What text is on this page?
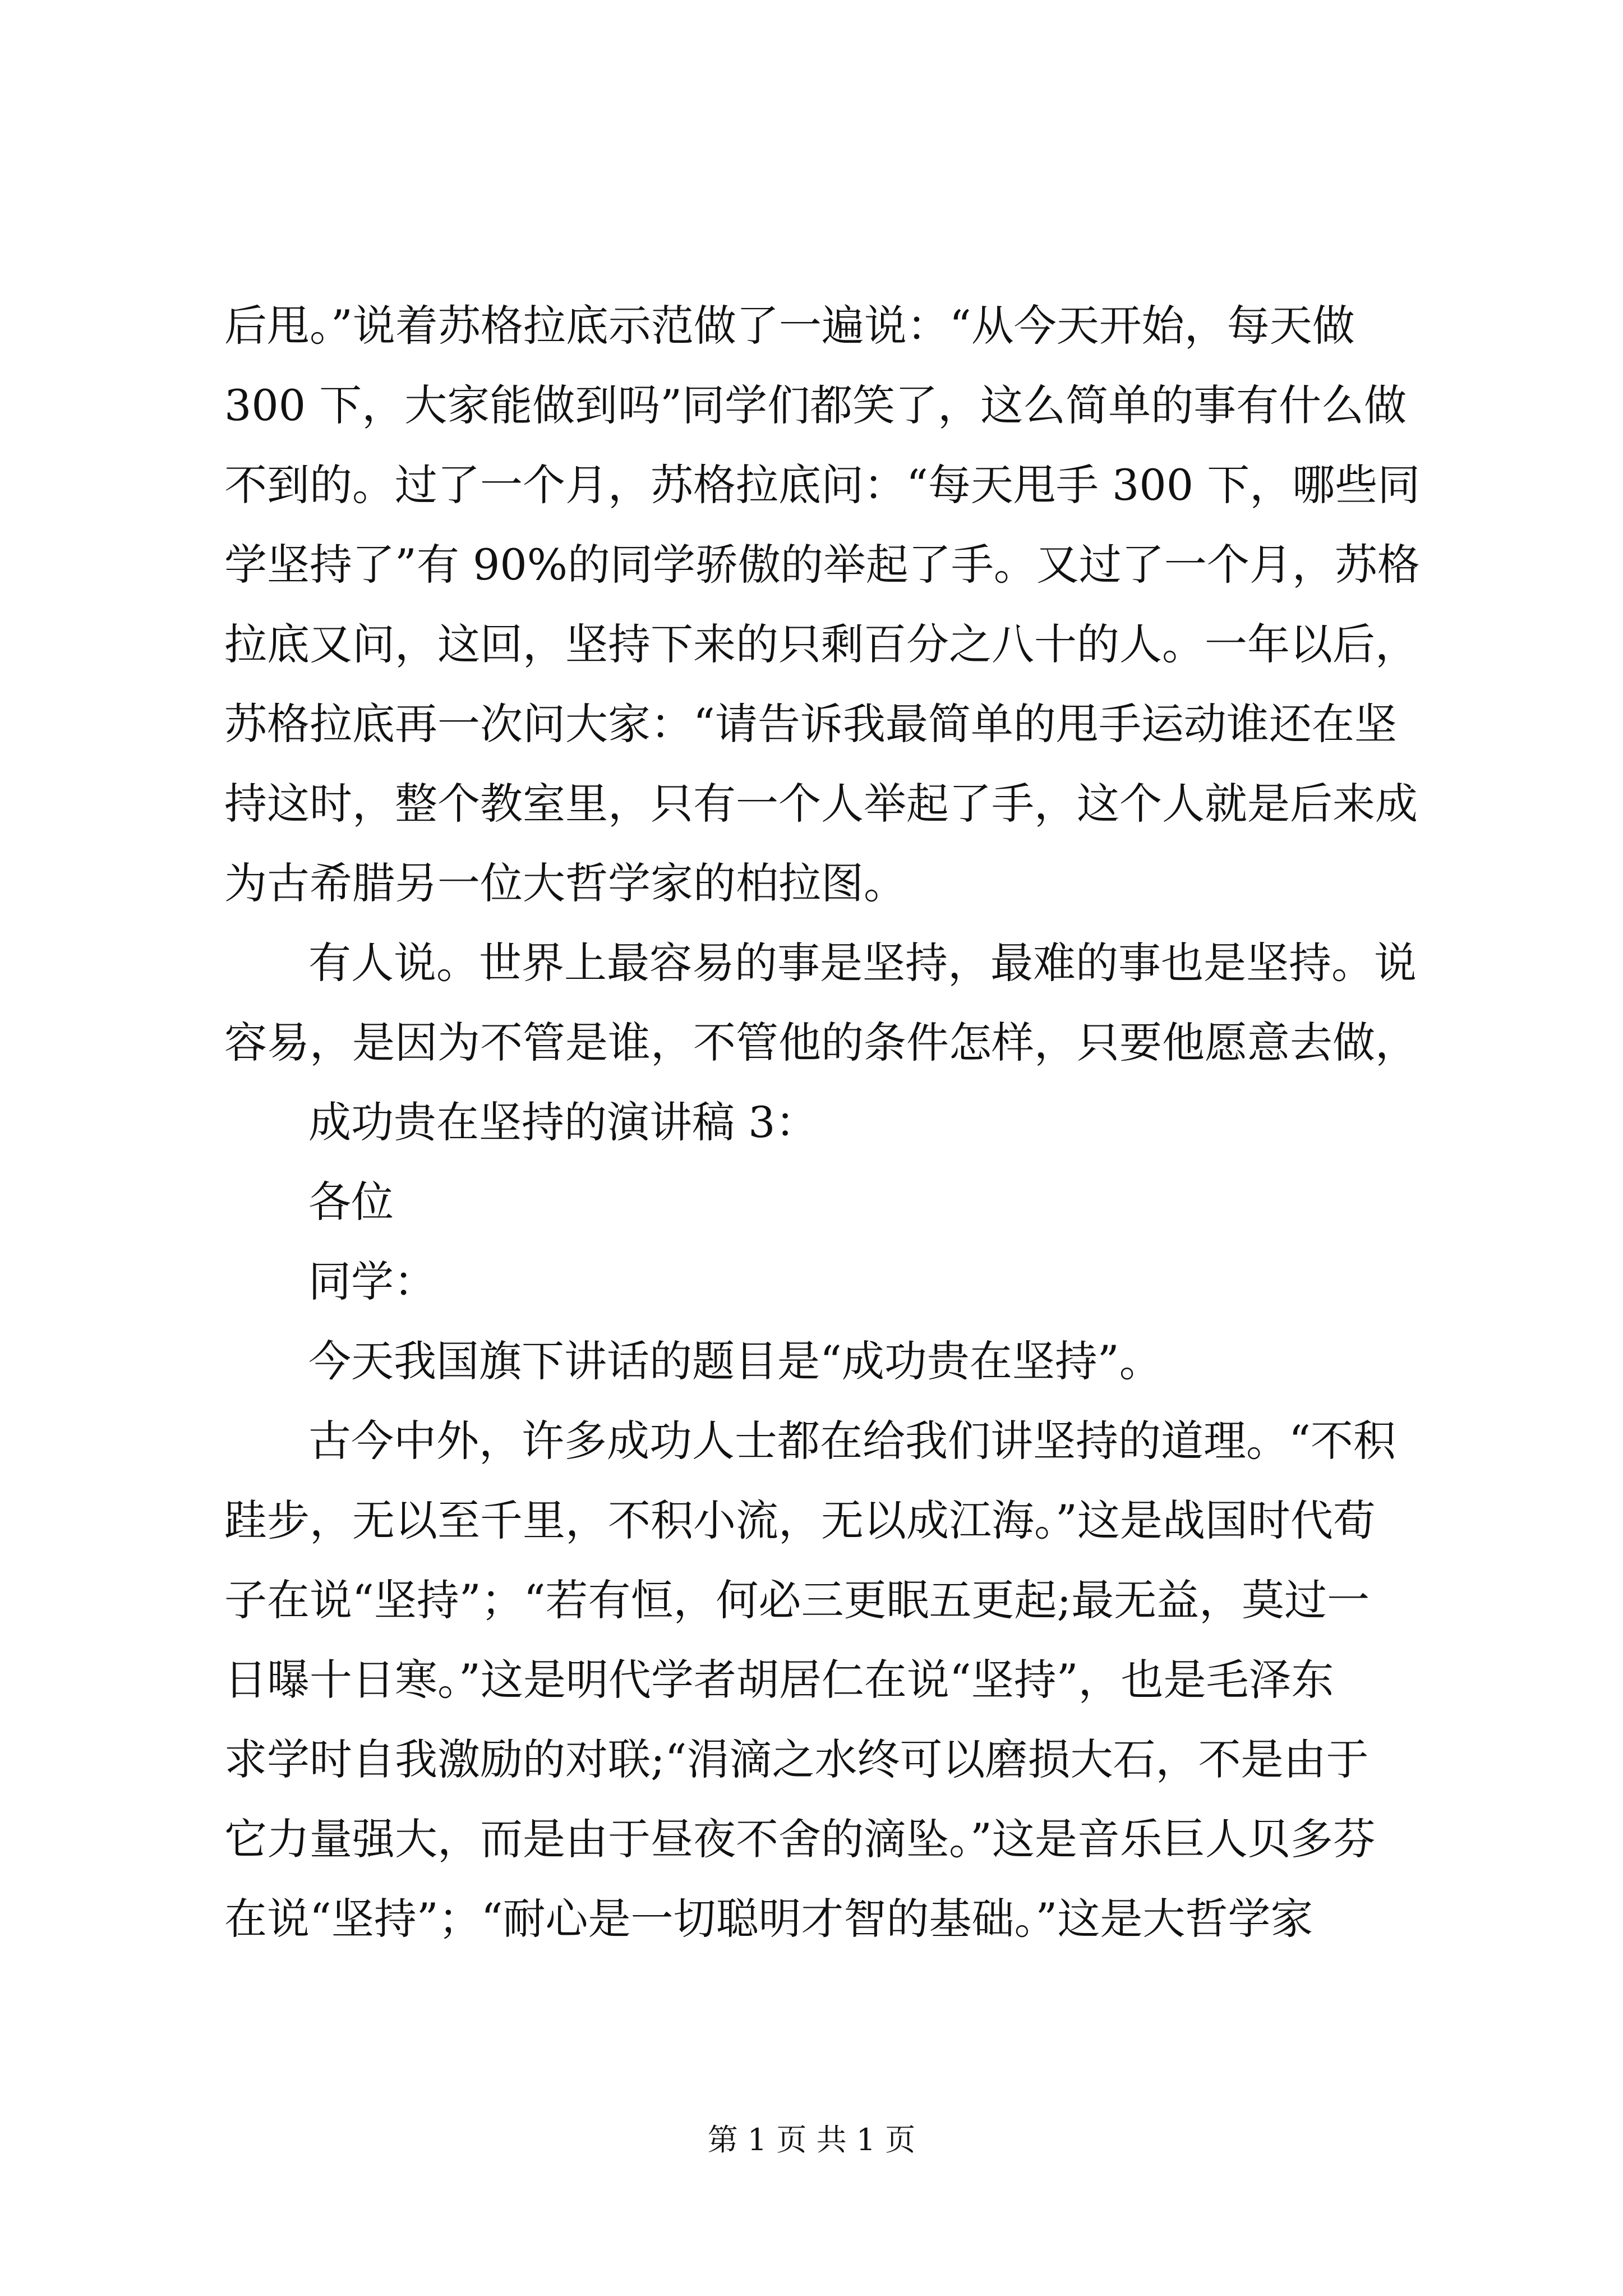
后甩。”说着苏格拉底示范做了一遍说：“从今天开始，每天做
300 下，大家能做到吗”同学们都笑了，这么简单的事有什么做
不到的。过了一个月，苏格拉底问：“每天甩手 300 下，哪些同
学坚持了”有 90%的同学骄傲的举起了手。又过了一个月，苏格
拉底又问，这回，坚持下来的只剩百分之八十的人。一年以后，
苏格拉底再一次问大家：“请告诉我最简单的甩手运动谁还在坚
持这时，整个教室里，只有一个人举起了手，这个人就是后来成
为古希腊另一位大哲学家的柏拉图。
有人说。世界上最容易的事是坚持，最难的事也是坚持。说
容易，是因为不管是谁，不管他的条件怎样，只要他愿意去做，
成功贵在坚持的演讲稿 3：
各位
同学：
今天我国旗下讲话的题目是“成功贵在坚持”。
古今中外，许多成功人士都在给我们讲坚持的道理。“不积
跬步，无以至千里，不积小流，无以成江海。”这是战国时代荀
子在说“坚持”；“若有恒，何必三更眠五更起;最无益，莫过一
日曝十日寒。”这是明代学者胡居仁在说“坚持”，也是毛泽东
求学时自我激励的对联;“涓滴之水终可以磨损大石，不是由于
它力量强大，而是由于昼夜不舍的滴坠。”这是音乐巨人贝多芬
在说“坚持”；“耐心是一切聪明才智的基础。”这是大哲学家
第 1 页 共 1 页
